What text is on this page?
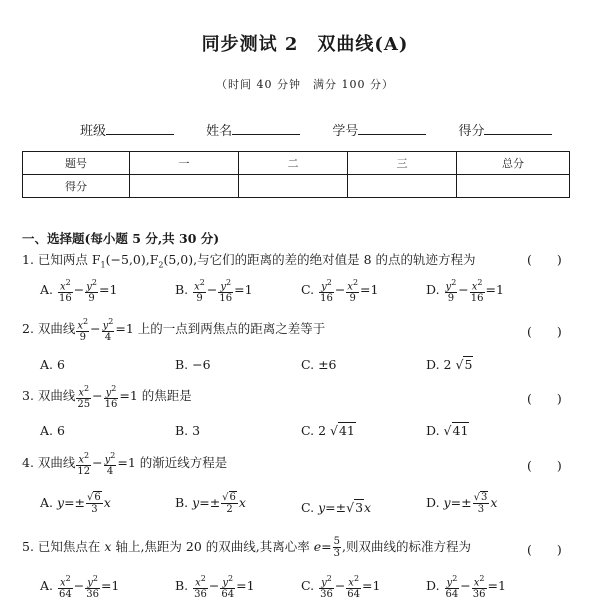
同步测试 2　双曲线(A)
（时间 40 分钟　满分 100 分）
班级	姓名	学号	得分
题号	一	二	三	总分
得分				
一、选择题(每小题 5 分,共 30 分)
1. 已知两点 $F_1(-5,0),F_2(5,0)$,与它们的距离的差的绝对值是 8 的点的轨迹方程为	(　　)
A. $\frac{x^2}{16} - \frac{y^2}{9} =1$	B. $\frac{x^2}{9} - \frac{y^2}{16} =1$	C. $\frac{y^2}{16} - \frac{x^2}{9} =1$	D. $\frac{y^2}{9} - \frac{x^2}{16} =1$
2. 双曲线 $\frac{x^2}{9} - \frac{y^2}{4} =1$ 上的一点到两焦点的距离之差等于	(　　)
A. 6	B. −6	C. ±6	D. 2 √5
3. 双曲线 $\frac{x^2}{25} - \frac{y^2}{16} =1$ 的焦距是	(　　)
A. 6	B. 3	C. 2 √41	D. √41
4. 双曲线 $\frac{x^2}{12} - \frac{y^2}{4} =1$ 的渐近线方程是	(　　)
A. $y=\pm \frac{√6}{3}$ x	B. $y=\pm \frac{√6}{2}$ x	C. y=±√3x	D. $y=\pm \frac{√3}{3}$ x
5. 已知焦点在 x 轴上,焦距为 20 的双曲线,其离心率 $e= \frac{5}{3}$ ,则双曲线的标准方程为	(　　)
A. $\frac{x^2}{64} - \frac{y^2}{36} =1$	B. $\frac{x^2}{36} - \frac{y^2}{64} =1$	C. $\frac{y^2}{36} - \frac{x^2}{64} =1$	D. $\frac{y^2}{64} - \frac{x^2}{36} =1$
